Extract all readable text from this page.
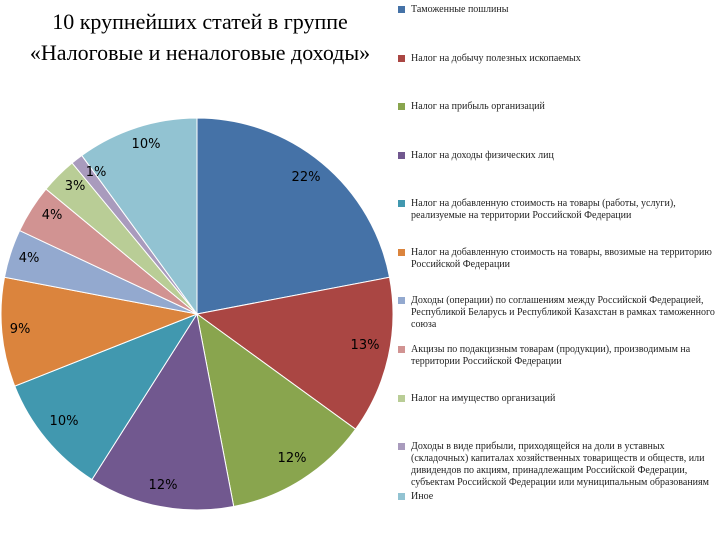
10 крупнейших статей в группе «Налоговые и неналоговые доходы»
22%
13%
12%
12%
10%
9%
4%
4%
3%
1%
10%
Таможенные пошлины
Налог на добычу полезных ископаемых
Налог на прибыль организаций
Налог на доходы физических лиц
Налог на добавленную стоимость на товары (работы, услуги), реализуемые на территории Российской Федерации
Налог на добавленную стоимость на товары, ввозимые на территорию Российской Федерации
Доходы (операции) по соглашениям между Российской Федерацией, Республикой Беларусь и Республикой Казахстан в рамках таможенного союза
Акцизы по подакцизным товарам (продукции), производимым на территории Российской Федерации
Налог на имущество организаций
Доходы в виде прибыли, приходящейся на доли в уставных (складочных) капиталах хозяйственных товариществ и обществ, или дивидендов по акциям, принадлежащим Российской Федерации, субъектам Российской Федерации или муниципальным образованиям
Иное
